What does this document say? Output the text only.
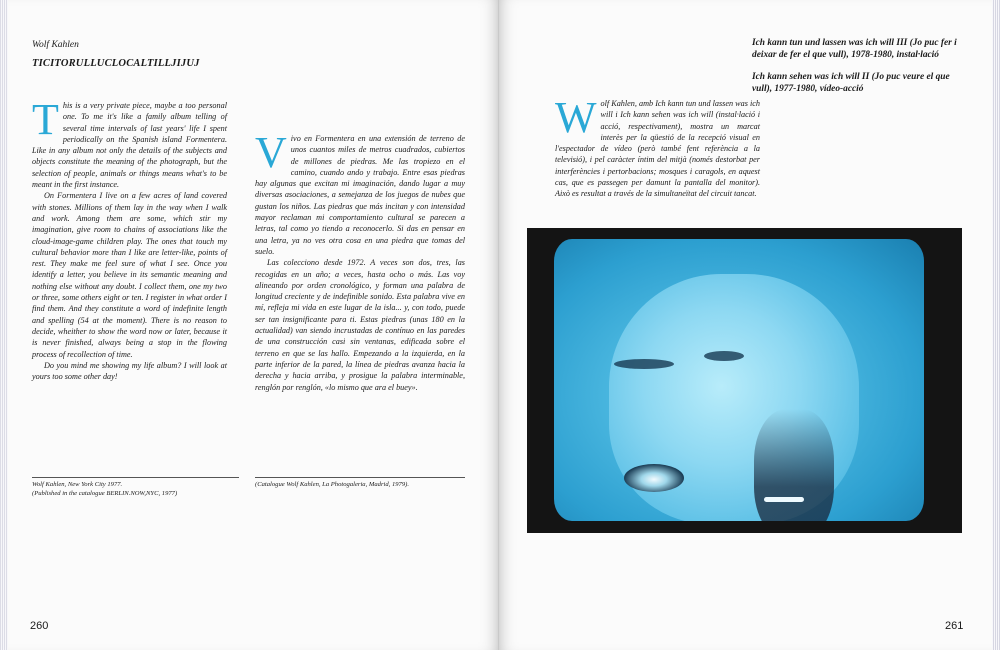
Wolf Kahlen
TICITORULLUCLOCALTILLJIJUJ
T his is a very private piece, maybe a too personal one. To me it's like a family album telling of several time intervals of last years' life I spent periodically on the Spanish island Formentera. Like in any album not only the details of the subjects and objects constitute the meaning of the photograph, but the selection of people, animals or things means what's to be meant in the first instance.

On Formentera I live on a few acres of land covered with stones. Millions of them lay in the way when I walk and work. Among them are some, which stir my imagination, give room to chains of associations like the cloud-image-game children play. The ones that touch my cultural behavior more than I like are letter-like, points of rest. They make me feel sure of what I see. Once you identify a letter, you believe in its semantic meaning and nothing else without any doubt. I collect them, one my two or three, some others eight or ten. I register in what order I find them. And they constitute a word of indefinite length and spelling (54 at the moment). There is no reason to decide, wheither to show the word now or later, because it is never finished, always being a stop in the flowing process of recollection of time.

Do you mind me showing my life album? I will look at yours too some other day!

V ivo en Formentera en una extensión de terreno de unos cuantos miles de metros cuadrados, cubiertos de millones de piedras. Me las tropiezo en el camino, cuando ando y trabajo. Entre esas piedras hay algunas que excitan mi imaginación, dando lugar a muy diversas asociaciones, a semejanza de los juegos de nubes que gustan los niños. Las piedras que más incitan y con intensidad mayor reclaman mi comportamiento cultural se parecen a letras, tal como yo tiendo a reconocerlo. Si das en pensar en una letra, ya no ves otra cosa en una piedra que tomas del suelo.

Las colecciono desde 1972. A veces son dos, tres, las recogidas en un año; a veces, hasta ocho o más. Las voy alineando por orden cronológico, y forman una palabra de longitud creciente y de indefinible sonido. Esta palabra vive en mí, refleja mi vida en este lugar de la isla... y, con todo, puede ser tan insignificante para ti. Estas piedras (unas 180 en la actualidad) van siendo incrustadas de contínuo en las paredes de una construcción casi sin ventanas, edificada sobre el terreno en que se las hallo. Empezando a la izquierda, en la parte inferior de la pared, la línea de piedras avanza hacia la derecha y hacia arriba, y prosigue la palabra interminable, renglón por renglón, «lo mismo que ara el buey».

Wolf Kahlen, New York City 1977.
(Published in the catalogue BERLIN.NOW,NYC, 1977)
(Catalogue Wolf Kahlen, La Photogaleria, Madrid, 1979).
260
W olf Kahlen, amb Ich kann tun und lassen was ich will i Ich kann sehen was ich will (instal·lació i acció, respectivament), mostra un marcat interès per la qüestió de la recepció visual en l'espectador de vídeo (però també fent referència a la televisió), i pel caràcter íntim del mitjà (només destorbat per interferències i pertorbacions; mosques i caragols, en aquest cas, que es passegen per damunt la pantalla del monitor). Això es resultat a través de la simultaneïtat del circuit tancat.

Ich kann tun und lassen was ich will III (Jo puc fer i deixar de fer el que vull), 1978-1980, instal·lació

Ich kann sehen was ich will II (Jo puc veure el que vull), 1977-1980, vídeo-acció

261
